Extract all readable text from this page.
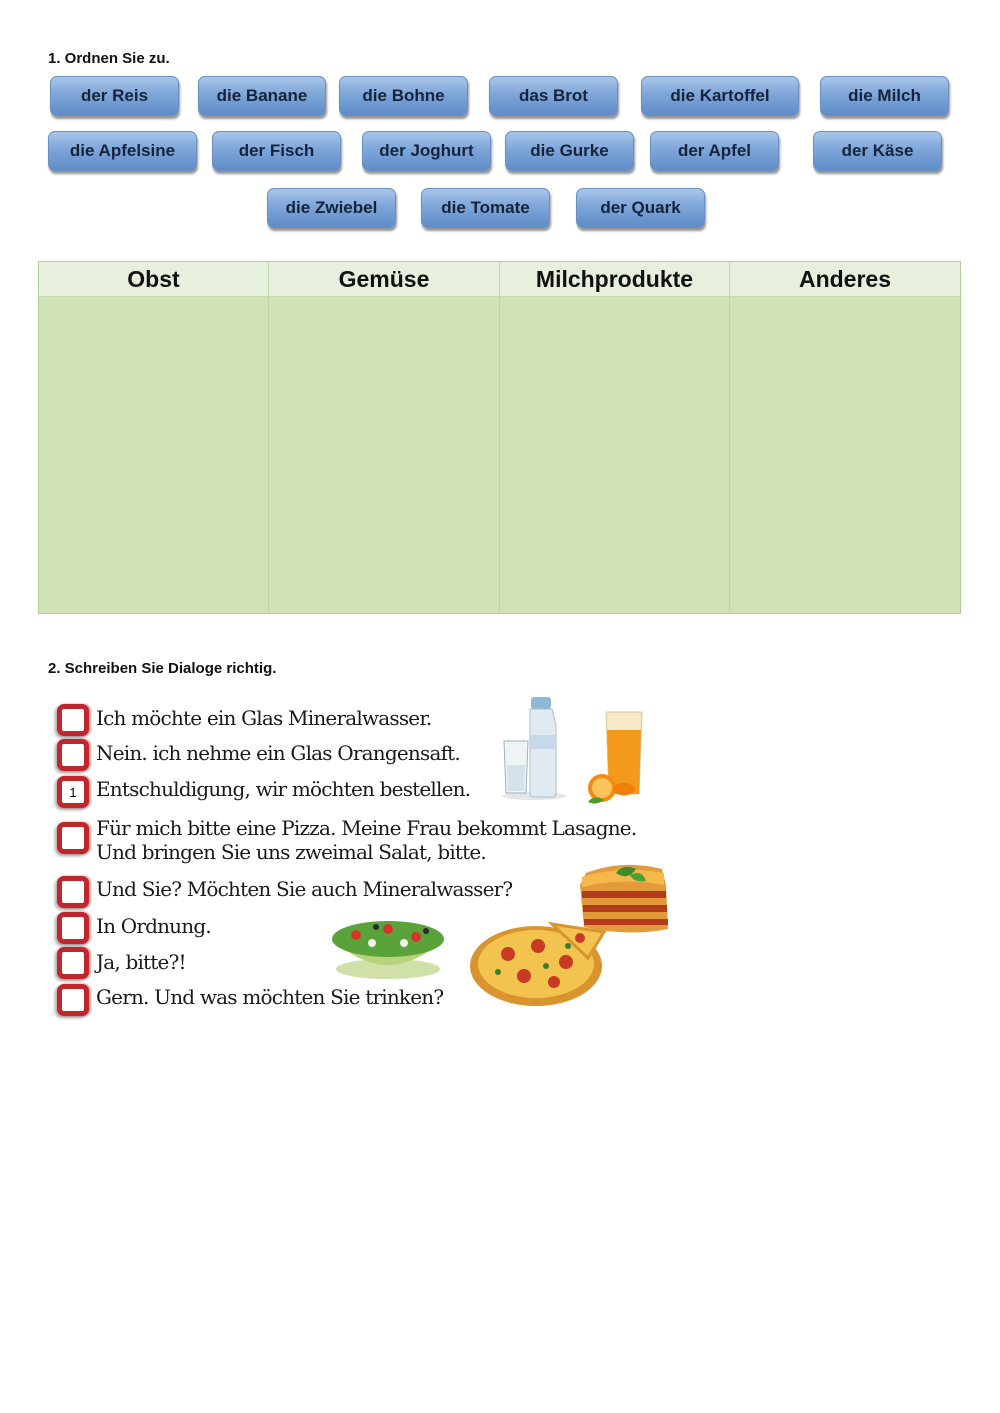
1. Ordnen Sie zu.
der Reis	die Banane	die Bohne	das Brot	die Kartoffel	die Milch
die Apfelsine	der Fisch	der Joghurt	die Gurke	der Apfel	der Käse
die Zwiebel	die Tomate	der Quark
Obst	Gemüse	Milchprodukte	Anderes
2. Schreiben Sie Dialoge richtig.
Ich möchte ein Glas Mineralwasser.
Nein. ich nehme ein Glas Orangensaft.
1
Entschuldigung, wir möchten bestellen.
Für mich bitte eine Pizza. Meine Frau bekommt Lasagne.
Und bringen Sie uns zweimal Salat, bitte.
Und Sie? Möchten Sie auch Mineralwasser?
In Ordnung.
Ja, bitte?!
Gern. Und was möchten Sie trinken?
